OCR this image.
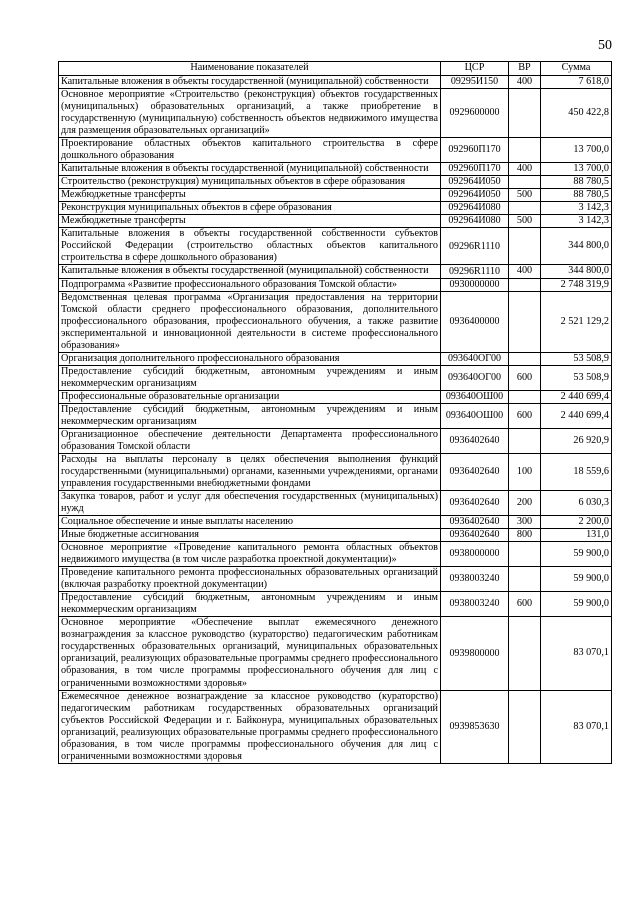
50
Наименование показателей	ЦСР	ВР	Сумма
Капитальные вложения в объекты государственной (муниципальной) собственности	09295И150	400	7 618,0
Основное мероприятие «Строительство (реконструкция) объектов государственных (муниципальных) образовательных организаций, а также приобретение в государственную (муниципальную) собственность объектов недвижимого имущества для размещения образовательных организаций»	0929600000		450 422,8
Проектирование областных объектов капитального строительства в сфере дошкольного образования	092960П170		13 700,0
Капитальные вложения в объекты государственной (муниципальной) собственности	092960П170	400	13 700,0
Строительство (реконструкция) муниципальных объектов в сфере образования	092964И050		88 780,5
Межбюджетные трансферты	092964И050	500	88 780,5
Реконструкция муниципальных объектов в сфере образования	092964И080		3 142,3
Межбюджетные трансферты	092964И080	500	3 142,3
Капитальные вложения в объекты государственной собственности субъектов Российской Федерации (строительство областных объектов капитального строительства в сфере дошкольного образования)	09296R1110		344 800,0
Капитальные вложения в объекты государственной (муниципальной) собственности	09296R1110	400	344 800,0
Подпрограмма «Развитие профессионального образования Томской области»	0930000000		2 748 319,9
Ведомственная целевая программа «Организация предоставления на территории Томской области среднего профессионального образования, дополнительного профессионального образования, профессионального обучения, а также развитие экспериментальной и инновационной деятельности в системе профессионального образования»	0936400000		2 521 129,2
Организация дополнительного профессионального образования	093640ОГ00		53 508,9
Предоставление субсидий бюджетным, автономным учреждениям и иным некоммерческим организациям	093640ОГ00	600	53 508,9
Профессиональные образовательные организации	093640ОШ00		2 440 699,4
Предоставление субсидий бюджетным, автономным учреждениям и иным некоммерческим организациям	093640ОШ00	600	2 440 699,4
Организационное обеспечение деятельности Департамента профессионального образования Томской области	0936402640		26 920,9
Расходы на выплаты персоналу в целях обеспечения выполнения функций государственными (муниципальными) органами, казенными учреждениями, органами управления государственными внебюджетными фондами	0936402640	100	18 559,6
Закупка товаров, работ и услуг для обеспечения государственных (муниципальных) нужд	0936402640	200	6 030,3
Социальное обеспечение и иные выплаты населению	0936402640	300	2 200,0
Иные бюджетные ассигнования	0936402640	800	131,0
Основное мероприятие «Проведение капитального ремонта областных объектов недвижимого имущества (в том числе разработка проектной документации)»	0938000000		59 900,0
Проведение капитального ремонта профессиональных образовательных организаций (включая разработку проектной документации)	0938003240		59 900,0
Предоставление субсидий бюджетным, автономным учреждениям и иным некоммерческим организациям	0938003240	600	59 900,0
Основное мероприятие «Обеспечение выплат ежемесячного денежного вознаграждения за классное руководство (кураторство) педагогическим работникам государственных образовательных организаций, муниципальных образовательных организаций, реализующих образовательные программы среднего профессионального образования, в том числе программы профессионального обучения для лиц с ограниченными возможностями здоровья»	0939800000		83 070,1
Ежемесячное денежное вознаграждение за классное руководство (кураторство) педагогическим работникам государственных образовательных организаций субъектов Российской Федерации и г. Байконура, муниципальных образовательных организаций, реализующих образовательные программы среднего профессионального образования, в том числе программы профессионального обучения для лиц с ограниченными возможностями здоровья	0939853630		83 070,1
